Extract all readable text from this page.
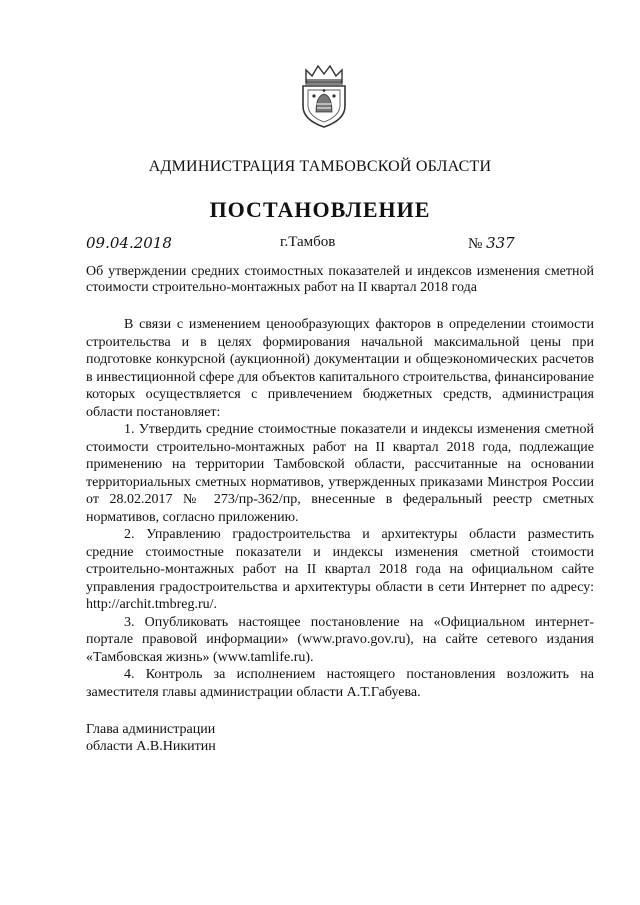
АДМИНИСТРАЦИЯ ТАМБОВСКОЙ ОБЛАСТИ
ПОСТАНОВЛЕНИЕ
09.04.2018	г.Тамбов	№ 337
Об утверждении средних стоимостных показателей и индексов изменения сметной стоимости строительно-монтажных работ на II квартал 2018 года

В связи с изменением ценообразующих факторов в определении стоимости строительства и в целях формирования начальной максимальной цены при подготовке конкурсной (аукционной) документации и общеэкономических расчетов в инвестиционной сфере для объектов капитального строительства, финансирование которых осуществляется с привлечением бюджетных средств, администрация области постановляет:

1. Утвердить средние стоимостные показатели и индексы изменения сметной стоимости строительно-монтажных работ на II квартал 2018 года, подлежащие применению на территории Тамбовской области, рассчитанные на основании территориальных сметных нормативов, утвержденных приказами Минстроя России от 28.02.2017 № 273/пр-362/пр, внесенные в федеральный реестр сметных нормативов, согласно приложению.

2. Управлению градостроительства и архитектуры области разместить средние стоимостные показатели и индексы изменения сметной стоимости строительно-монтажных работ на II квартал 2018 года на официальном сайте управления градостроительства и архитектуры области в сети Интернет по адресу: http://archit.tmbreg.ru/.

3. Опубликовать настоящее постановление на «Официальном интернет-портале правовой информации» (www.pravo.gov.ru), на сайте сетевого издания «Тамбовская жизнь» (www.tamlife.ru).

4. Контроль за исполнением настоящего постановления возложить на заместителя главы администрации области А.Т.Габуева.

Глава администрации
области А.В.Никитин
